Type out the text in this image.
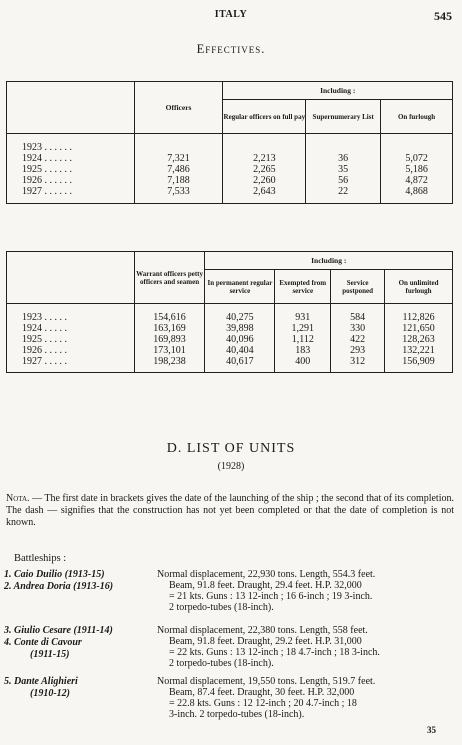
ITALY	545
Effectives.
	Officers	Including :		
		Regular officers on full pay	Supernumerary List	On furlough
1923 . . . . . .				
1924 . . . . . .	7,321	2,213	36	5,072
1925 . . . . . .	7,486	2,265	35	5,186
1926 . . . . . .	7,188	2,260	56	4,872
1927 . . . . . .	7,533	2,643	22	4,868
	Warrant officers petty officers and seamen	Including :			
		In permanent regular service	Exempted from service	Service postponed	On unlimited furlough
1923 . . . . .	154,616	40,275	931	584	112,826
1924 . . . . .	163,169	39,898	1,291	330	121,650
1925 . . . . .	169,893	40,096	1,112	422	128,263
1926 . . . . .	173,101	40,404	183	293	132,221
1927 . . . . .	198,238	40,617	400	312	156,909
D. LIST OF UNITS
(1928)
Nota. — The first date in brackets gives the date of the launching of the ship ; the second that of its completion. The dash — signifies that the construction has not yet been completed or that the date of completion is not known.
Battleships :
1. Caio Duilio (1913-15)
2. Andrea Doria (1913-16)
Normal displacement, 22,930 tons. Length, 554.3 feet.
Beam, 91.8 feet. Draught, 29.4 feet. H.P. 32,000
= 21 kts. Guns : 13 12-inch ; 16 6-inch ; 19 3-inch.
2 torpedo-tubes (18-inch).
3. Giulio Cesare (1911-14)
4. Conte di Cavour
(1911-15)
Normal displacement, 22,380 tons. Length, 558 feet.
Beam, 91.8 feet. Draught, 29.2 feet. H.P. 31,000
= 22 kts. Guns : 13 12-inch ; 18 4.7-inch ; 18 3-inch.
2 torpedo-tubes (18-inch).
5. Dante Alighieri
(1910-12)
Normal displacement, 19,550 tons. Length, 519.7 feet.
Beam, 87.4 feet. Draught, 30 feet. H.P. 32,000
= 22.8 kts. Guns : 12 12-inch ; 20 4.7-inch ; 18
3-inch. 2 torpedo-tubes (18-inch).
35
